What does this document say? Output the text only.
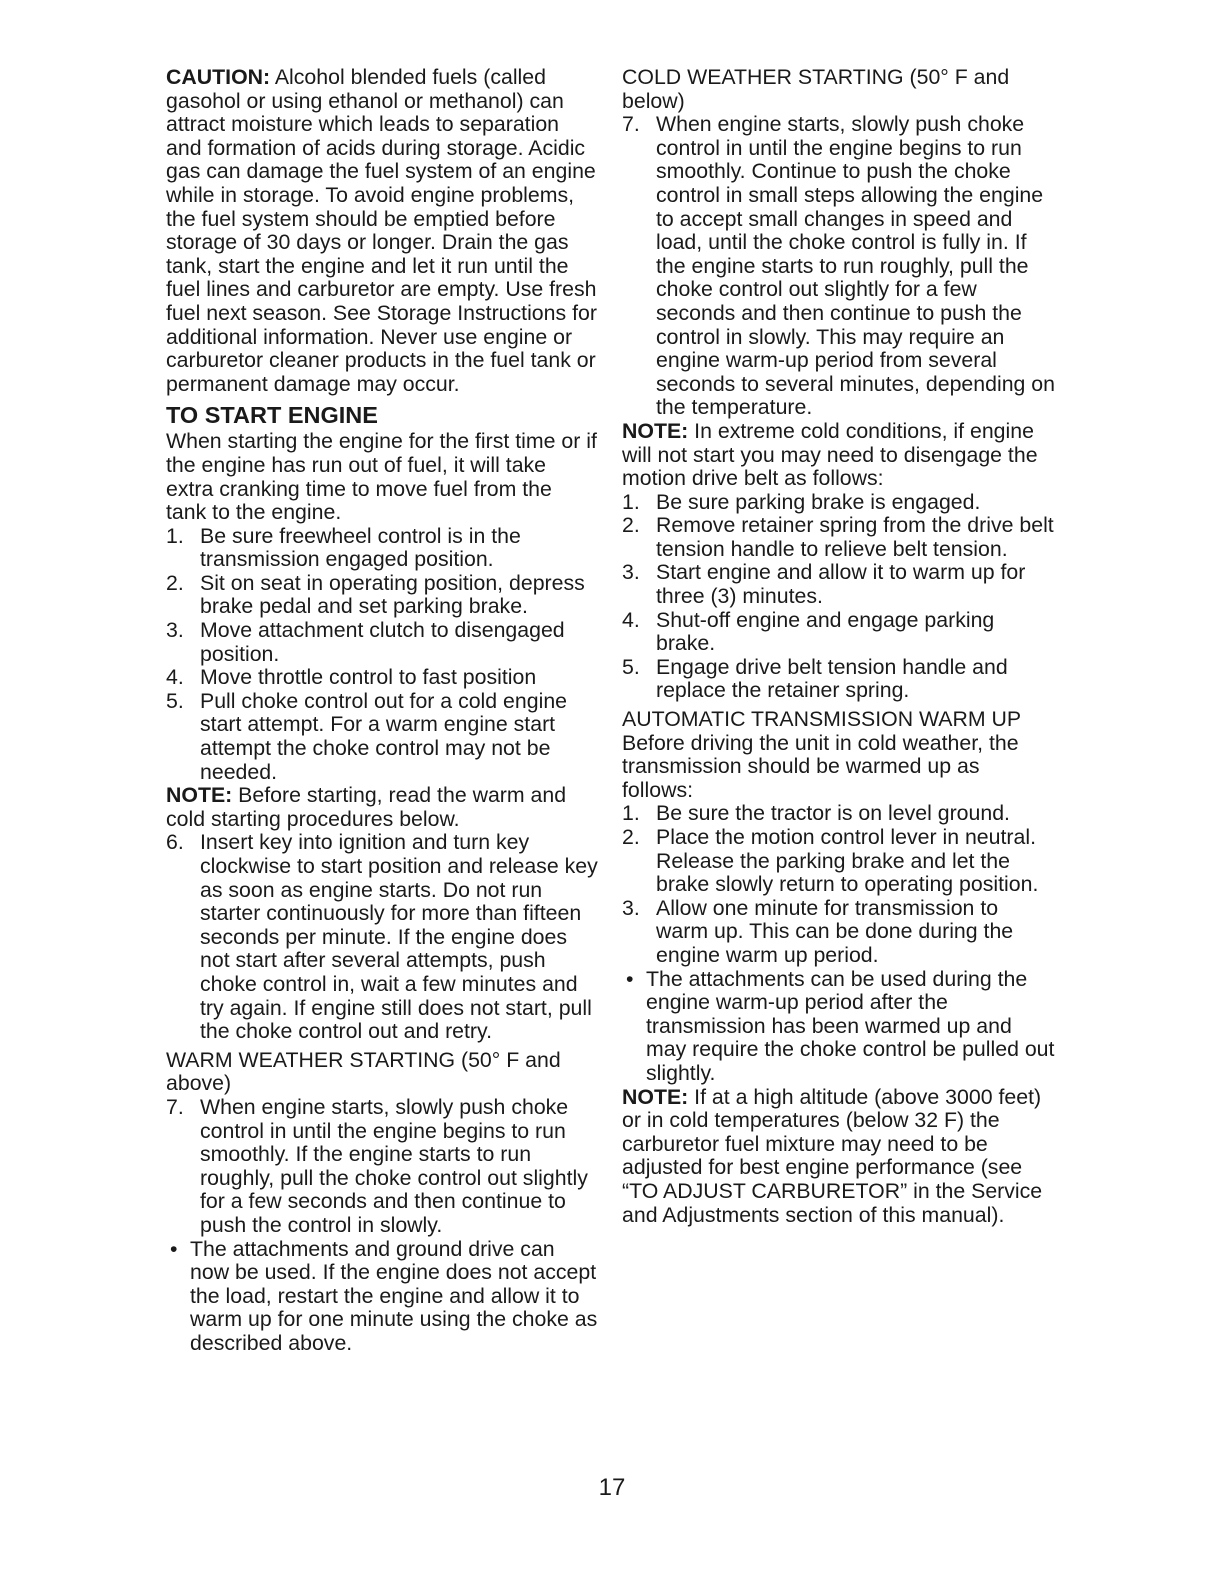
CAUTION: Alcohol blended fuels (called gasohol or using ethanol or methanol) can attract moisture which leads to separation and formation of acids during storage. Acidic gas can damage the fuel system of an engine while in storage. To avoid engine problems, the fuel system should be emptied before storage of 30 days or longer. Drain the gas tank, start the engine and let it run until the fuel lines and carburetor are empty. Use fresh fuel next season. See Storage Instructions for additional information. Never use engine or carburetor cleaner products in the fuel tank or permanent damage may occur.

TO START ENGINE

When starting the engine for the first time or if the engine has run out of fuel, it will take extra cranking time to move fuel from the tank to the engine.

1. Be sure freewheel control is in the transmission engaged position.
2. Sit on seat in operating position, depress brake pedal and set parking brake.
3. Move attachment clutch to disengaged position.
4. Move throttle control to fast position
5. Pull choke control out for a cold engine start attempt. For a warm engine start attempt the choke control may not be needed.

NOTE: Before starting, read the warm and cold starting procedures below.

6. Insert key into ignition and turn key clockwise to start position and release key as soon as engine starts. Do not run starter continuously for more than fifteen seconds per minute. If the engine does not start after several attempts, push choke control in, wait a few minutes and try again. If engine still does not start, pull the choke control out and retry.

WARM WEATHER STARTING (50° F and above)

7. When engine starts, slowly push choke control in until the engine begins to run smoothly. If the engine starts to run roughly, pull the choke control out slightly for a few seconds and then continue to push the control in slowly.
• The attachments and ground drive can now be used. If the engine does not accept the load, restart the engine and allow it to warm up for one minute using the choke as described above.

COLD WEATHER STARTING (50° F and below)

7. When engine starts, slowly push choke control in until the engine begins to run smoothly. Continue to push the choke control in small steps allowing the engine to accept small changes in speed and load, until the choke control is fully in. If the engine starts to run roughly, pull the choke control out slightly for a few seconds and then continue to push the control in slowly. This may require an engine warm-up period from several seconds to several minutes, depending on the temperature.

NOTE: In extreme cold conditions, if engine will not start you may need to disengage the motion drive belt as follows:

1. Be sure parking brake is engaged.
2. Remove retainer spring from the drive belt tension handle to relieve belt tension.
3. Start engine and allow it to warm up for three (3) minutes.
4. Shut-off engine and engage parking brake.
5. Engage drive belt tension handle and replace the retainer spring.

AUTOMATIC TRANSMISSION WARM UP

Before driving the unit in cold weather, the transmission should be warmed up as follows:

1. Be sure the tractor is on level ground.
2. Place the motion control lever in neutral. Release the parking brake and let the brake slowly return to operating position.
3. Allow one minute for transmission to warm up. This can be done during the engine warm up period.
• The attachments can be used during the engine warm-up period after the transmission has been warmed up and may require the choke control be pulled out slightly.

NOTE: If at a high altitude (above 3000 feet) or in cold temperatures (below 32 F) the carburetor fuel mixture may need to be adjusted for best engine performance (see “TO ADJUST CARBURETOR” in the Service and Adjustments section of this manual).

17
